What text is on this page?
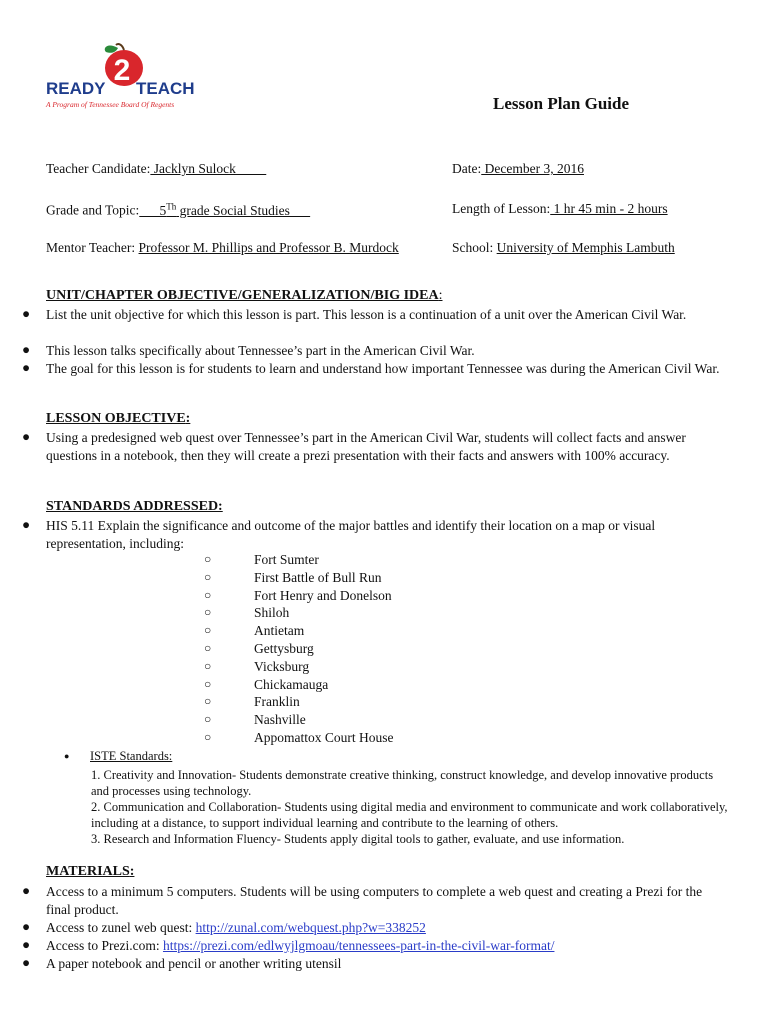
2
READY TEACH
A Program of Tennessee Board Of Regents	Lesson Plan Guide
Teacher Candidate: Jacklyn Sulock	Date: December 3, 2016
Grade and Topic:      5Th grade Social Studies	Length of Lesson: 1 hr 45 min - 2 hours
Mentor Teacher: Professor M. Phillips and Professor B. Murdock	School: University of Memphis Lambuth
UNIT/CHAPTER OBJECTIVE/GENERALIZATION/BIG IDEA:
● List the unit objective for which this lesson is part. This lesson is a continuation of a unit over the American Civil War.
● This lesson talks specifically about Tennessee’s part in the American Civil War.
● The goal for this lesson is for students to learn and understand how important Tennessee was during the American Civil War.
LESSON OBJECTIVE:
● Using a predesigned web quest over Tennessee’s part in the American Civil War, students will collect facts and answer questions in a notebook, then they will create a prezi presentation with their facts and answers with 100% accuracy.
STANDARDS ADDRESSED:
● HIS 5.11 Explain the significance and outcome of the major battles and identify their location on a map or visual representation, including:
○	Fort Sumter
○	First Battle of Bull Run
○	Fort Henry and Donelson
○	Shiloh
○	Antietam
○	Gettysburg
○	Vicksburg
○	Chickamauga
○	Franklin
○	Nashville
○	Appomattox Court House
● ISTE Standards:
1. Creativity and Innovation- Students demonstrate creative thinking, construct knowledge, and develop innovative products and processes using technology.
2. Communication and Collaboration- Students using digital media and environment to communicate and work collaboratively, including at a distance, to support individual learning and contribute to the learning of others.
3. Research and Information Fluency- Students apply digital tools to gather, evaluate, and use information.
MATERIALS:
● Access to a minimum 5 computers. Students will be using computers to complete a web quest and creating a Prezi for the final product.
● Access to zunel web quest: http://zunal.com/webquest.php?w=338252
● Access to Prezi.com: https://prezi.com/edlwyjlgmoau/tennessees-part-in-the-civil-war-format/
● A paper notebook and pencil or another writing utensil
